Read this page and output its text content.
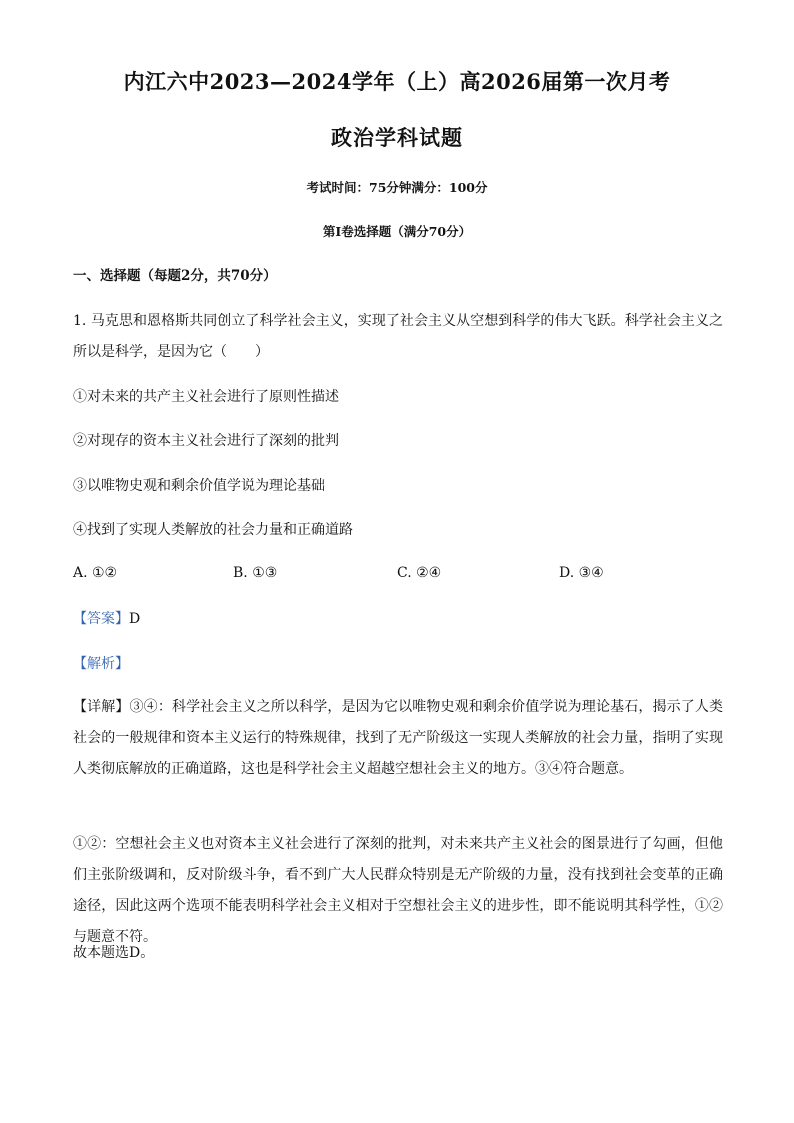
内江六中2023—2024学年（上）高2026届第一次月考
政治学科试题
考试时间：75分钟满分：100分
第Ⅰ卷选择题（满分70分）
一、选择题（每题2分，共70分）
1. 马克思和恩格斯共同创立了科学社会主义，实现了社会主义从空想到科学的伟大飞跃。科学社会主义之所以是科学，是因为它（　　）
①对未来的共产主义社会进行了原则性描述
②对现存的资本主义社会进行了深刻的批判
③以唯物史观和剩余价值学说为理论基础
④找到了实现人类解放的社会力量和正确道路
A. ①②	B. ①③	C. ②④	D. ③④
【答案】D
【解析】
【详解】③④：科学社会主义之所以科学，是因为它以唯物史观和剩余价值学说为理论基石，揭示了人类社会的一般规律和资本主义运行的特殊规律，找到了无产阶级这一实现人类解放的社会力量，指明了实现人类彻底解放的正确道路，这也是科学社会主义超越空想社会主义的地方。③④符合题意。
①②：空想社会主义也对资本主义社会进行了深刻的批判，对未来共产主义社会的图景进行了勾画，但他们主张阶级调和，反对阶级斗争，看不到广大人民群众特别是无产阶级的力量，没有找到社会变革的正确途径，因此这两个选项不能表明科学社会主义相对于空想社会主义的进步性，即不能说明其科学性，①②与题意不符。
故本题选D。
